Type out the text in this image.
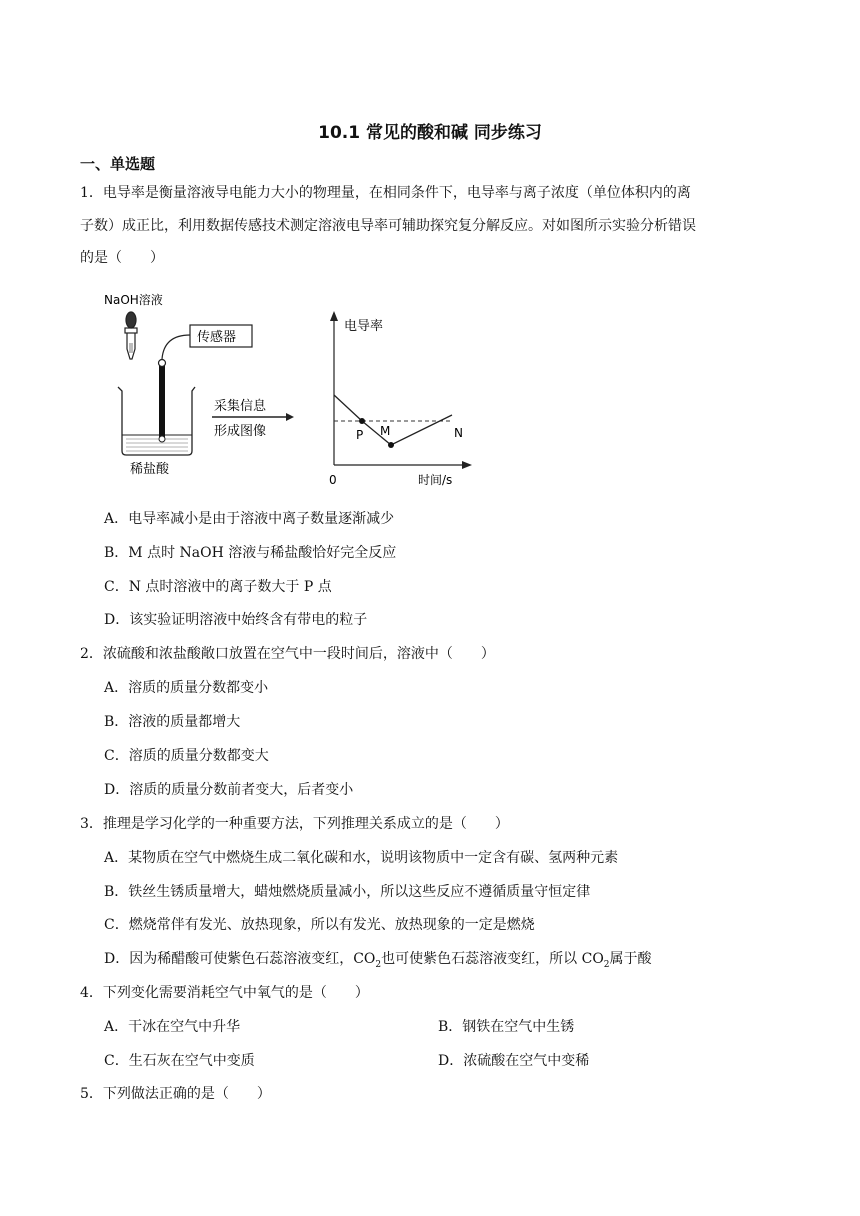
10.1 常见的酸和碱 同步练习
一、单选题
1．电导率是衡量溶液导电能力大小的物理量，在相同条件下，电导率与离子浓度（单位体积内的离
子数）成正比，利用数据传感技术测定溶液电导率可辅助探究复分解反应。对如图所示实验分析错误
的是（　　）
NaOH溶液
传感器
稀盐酸
采集信息
形成图像
电导率
时间/s
0
P M	N
A．电导率减小是由于溶液中离子数量逐渐减少
B．M 点时 NaOH 溶液与稀盐酸恰好完全反应
C．N 点时溶液中的离子数大于 P 点
D．该实验证明溶液中始终含有带电的粒子
2．浓硫酸和浓盐酸敞口放置在空气中一段时间后，溶液中（　　）
A．溶质的质量分数都变小
B．溶液的质量都增大
C．溶质的质量分数都变大
D．溶质的质量分数前者变大，后者变小
3．推理是学习化学的一种重要方法，下列推理关系成立的是（　　）
A．某物质在空气中燃烧生成二氧化碳和水，说明该物质中一定含有碳、氢两种元素
B．铁丝生锈质量增大，蜡烛燃烧质量减小，所以这些反应不遵循质量守恒定律
C．燃烧常伴有发光、放热现象，所以有发光、放热现象的一定是燃烧
D．因为稀醋酸可使紫色石蕊溶液变红，$CO_2$也可使紫色石蕊溶液变红，所以 $CO_2$属于酸
4．下列变化需要消耗空气中氧气的是（　　）
A．干冰在空气中升华	B．钢铁在空气中生锈
C．生石灰在空气中变质	D．浓硫酸在空气中变稀
5．下列做法正确的是（　　）
